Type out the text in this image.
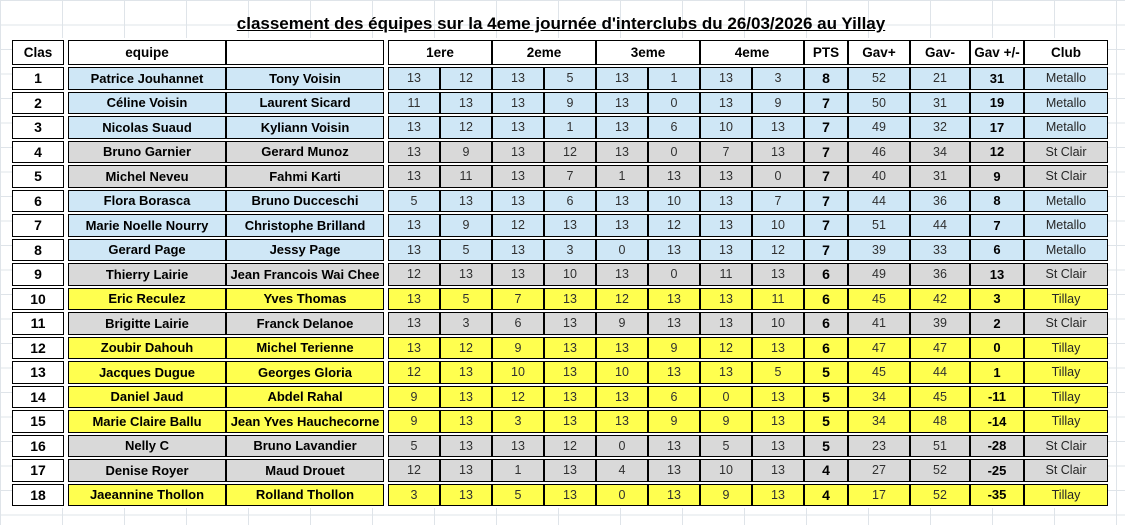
classement des équipes sur la 4eme journée d'interclubs du 26/03/2026 au Yillay
Clas		equipe			1ere		2eme		3eme		4eme		PTS	Gav+	Gav-	Gav +/-	Club
1		Patrice Jouhannet	Tony Voisin		13	12	13	5	13	1	13	3	8	52	21	31	Metallo
2		Céline Voisin	Laurent Sicard		11	13	13	9	13	0	13	9	7	50	31	19	Metallo
3		Nicolas Suaud	Kyliann Voisin		13	12	13	1	13	6	10	13	7	49	32	17	Metallo
4		Bruno Garnier	Gerard Munoz		13	9	13	12	13	0	7	13	7	46	34	12	St Clair
5		Michel Neveu	Fahmi Karti		13	11	13	7	1	13	13	0	7	40	31	9	St Clair
6		Flora Borasca	Bruno Ducceschi		5	13	13	6	13	10	13	7	7	44	36	8	Metallo
7		Marie Noelle Nourry	Christophe Brilland		13	9	12	13	13	12	13	10	7	51	44	7	Metallo
8		Gerard Page	Jessy Page		13	5	13	3	0	13	13	12	7	39	33	6	Metallo
9		Thierry Lairie	Jean Francois Wai Chee		12	13	13	10	13	0	11	13	6	49	36	13	St Clair
10		Eric Reculez	Yves Thomas		13	5	7	13	12	13	13	11	6	45	42	3	Tillay
11		Brigitte Lairie	Franck Delanoe		13	3	6	13	9	13	13	10	6	41	39	2	St Clair
12		Zoubir Dahouh	Michel Terienne		13	12	9	13	13	9	12	13	6	47	47	0	Tillay
13		Jacques Dugue	Georges Gloria		12	13	10	13	10	13	13	5	5	45	44	1	Tillay
14		Daniel Jaud	Abdel Rahal		9	13	12	13	13	6	0	13	5	34	45	-11	Tillay
15		Marie Claire Ballu	Jean Yves Hauchecorne		9	13	3	13	13	9	9	13	5	34	48	-14	Tillay
16		Nelly C	Bruno Lavandier		5	13	13	12	0	13	5	13	5	23	51	-28	St Clair
17		Denise Royer	Maud Drouet		12	13	1	13	4	13	10	13	4	27	52	-25	St Clair
18		Jaeannine Thollon	Rolland Thollon		3	13	5	13	0	13	9	13	4	17	52	-35	Tillay
